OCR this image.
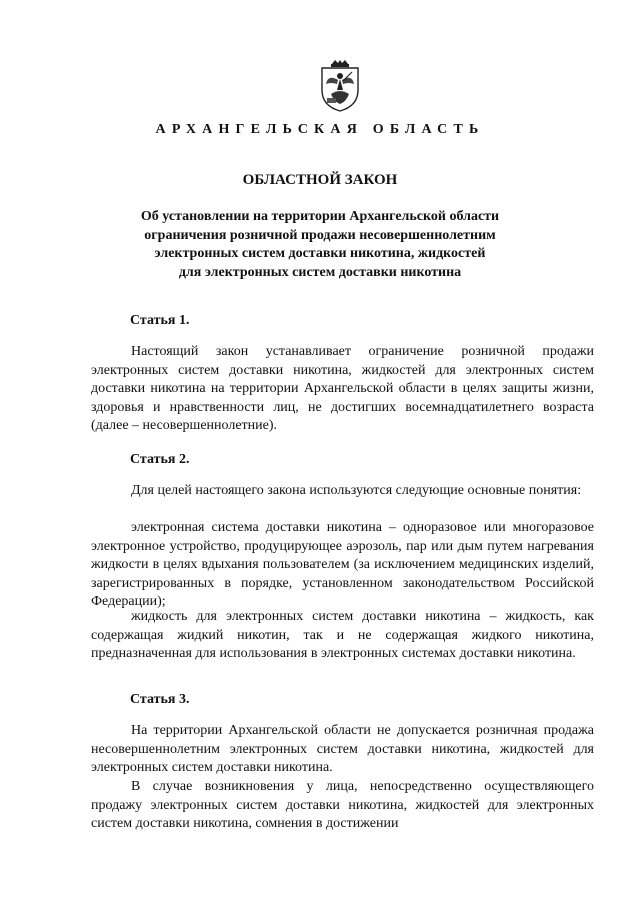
АРХАНГЕЛЬСКАЯ ОБЛАСТЬ
ОБЛАСТНОЙ ЗАКОН
Об установлении на территории Архангельской области
ограничения розничной продажи несовершеннолетним
электронных систем доставки никотина, жидкостей
для электронных систем доставки никотина
Статья 1.

Настоящий закон устанавливает ограничение розничной продажи электронных систем доставки никотина, жидкостей для электронных систем доставки никотина на территории Архангельской области в целях защиты жизни, здоровья и нравственности лиц, не достигших восемнадцатилетнего возраста (далее – несовершеннолетние).

Статья 2.

Для целей настоящего закона используются следующие основные понятия:

электронная система доставки никотина – одноразовое или многоразовое электронное устройство, продуцирующее аэрозоль, пар или дым путем нагревания жидкости в целях вдыхания пользователем (за исключением медицинских изделий, зарегистрированных в порядке, установленном законодательством Российской Федерации);

жидкость для электронных систем доставки никотина – жидкость, как содержащая жидкий никотин, так и не содержащая жидкого никотина, предназначенная для использования в электронных системах доставки никотина.

Статья 3.

На территории Архангельской области не допускается розничная продажа несовершеннолетним электронных систем доставки никотина, жидкостей для электронных систем доставки никотина.

В случае возникновения у лица, непосредственно осуществляющего продажу электронных систем доставки никотина, жидкостей для электронных систем доставки никотина, сомнения в достижении
